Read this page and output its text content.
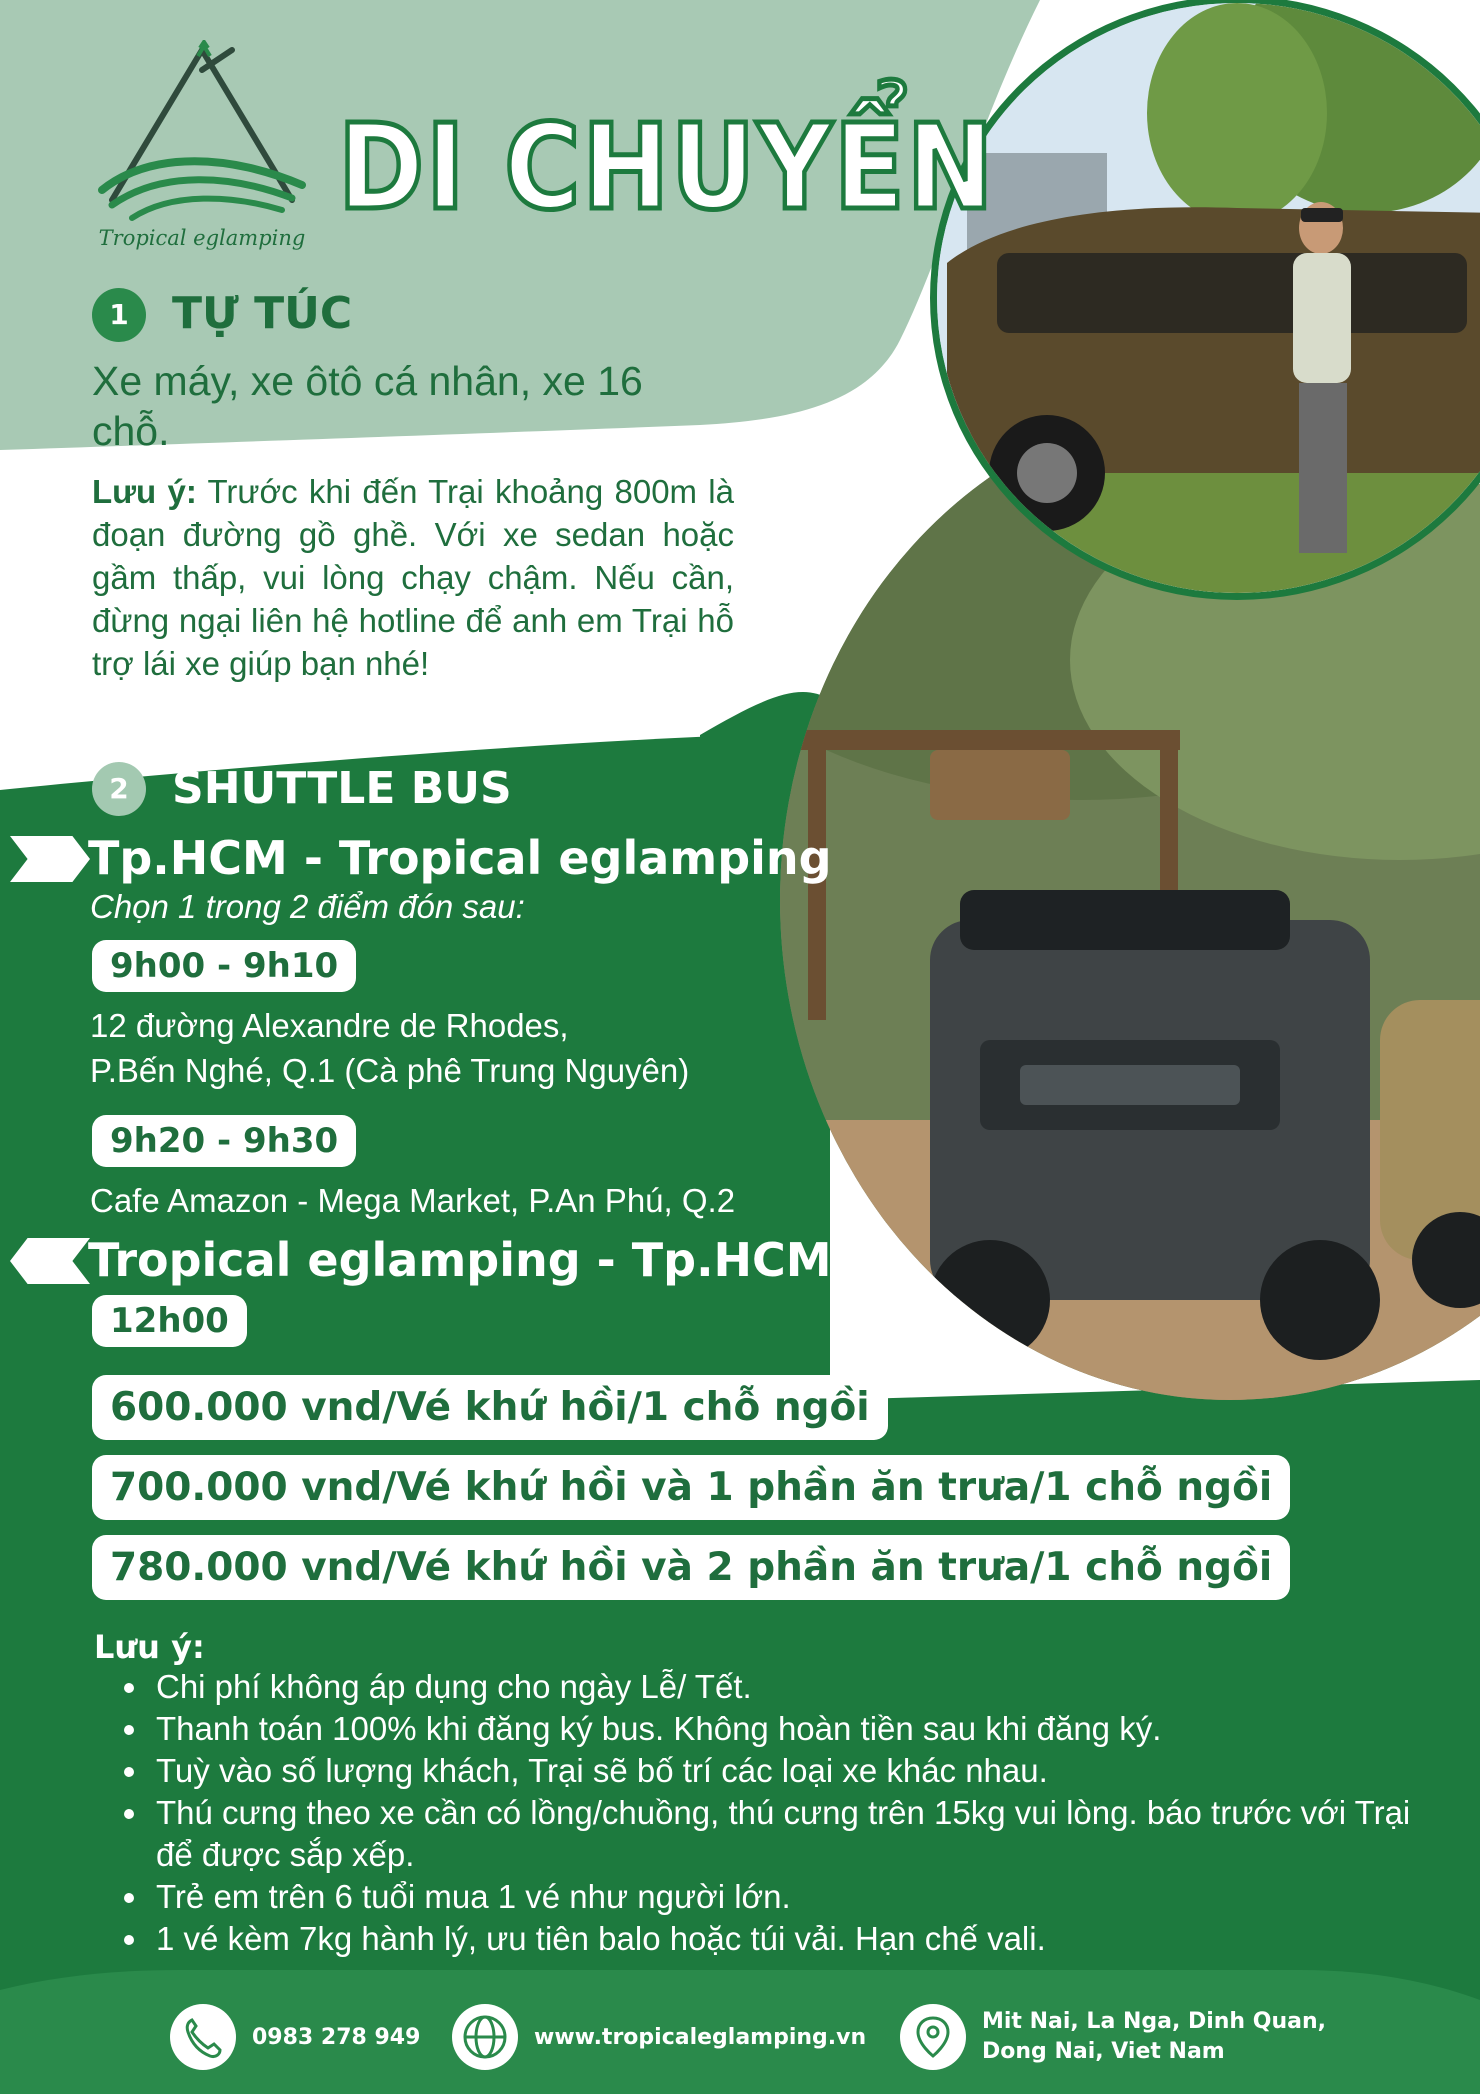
Tropical eglamping
DI CHUYỂN
1 TỰ TÚC
Xe máy, xe ôtô cá nhân, xe 16 chỗ.
Lưu ý: Trước khi đến Trại khoảng 800m là đoạn đường gồ ghề. Với xe sedan hoặc gầm thấp, vui lòng chạy chậm. Nếu cần, đừng ngại liên hệ hotline để anh em Trại hỗ trợ lái xe giúp bạn nhé!
2 SHUTTLE BUS
Tp.HCM - Tropical eglamping
Chọn 1 trong 2 điểm đón sau:
9h00 - 9h10
12 đường Alexandre de Rhodes,
P.Bến Nghé, Q.1 (Cà phê Trung Nguyên)
9h20 - 9h30
Cafe Amazon - Mega Market, P.An Phú, Q.2
Tropical eglamping - Tp.HCM
12h00
600.000 vnd/Vé khứ hồi/1 chỗ ngồi
700.000 vnd/Vé khứ hồi và 1 phần ăn trưa/1 chỗ ngồi
780.000 vnd/Vé khứ hồi và 2 phần ăn trưa/1 chỗ ngồi
Lưu ý:
Chi phí không áp dụng cho ngày Lễ/ Tết.
Thanh toán 100% khi đăng ký bus. Không hoàn tiền sau khi đăng ký.
Tuỳ vào số lượng khách, Trại sẽ bố trí các loại xe khác nhau.
Thú cưng theo xe cần có lồng/chuồng, thú cưng trên 15kg vui lòng. báo trước với Trại để được sắp xếp.
Trẻ em trên 6 tuổi mua 1 vé như người lớn.
1 vé kèm 7kg hành lý, ưu tiên balo hoặc túi vải. Hạn chế vali.
0983 278 949	www.tropicaleglamping.vn
Mit Nai, La Nga, Dinh Quan,
Dong Nai, Viet Nam
